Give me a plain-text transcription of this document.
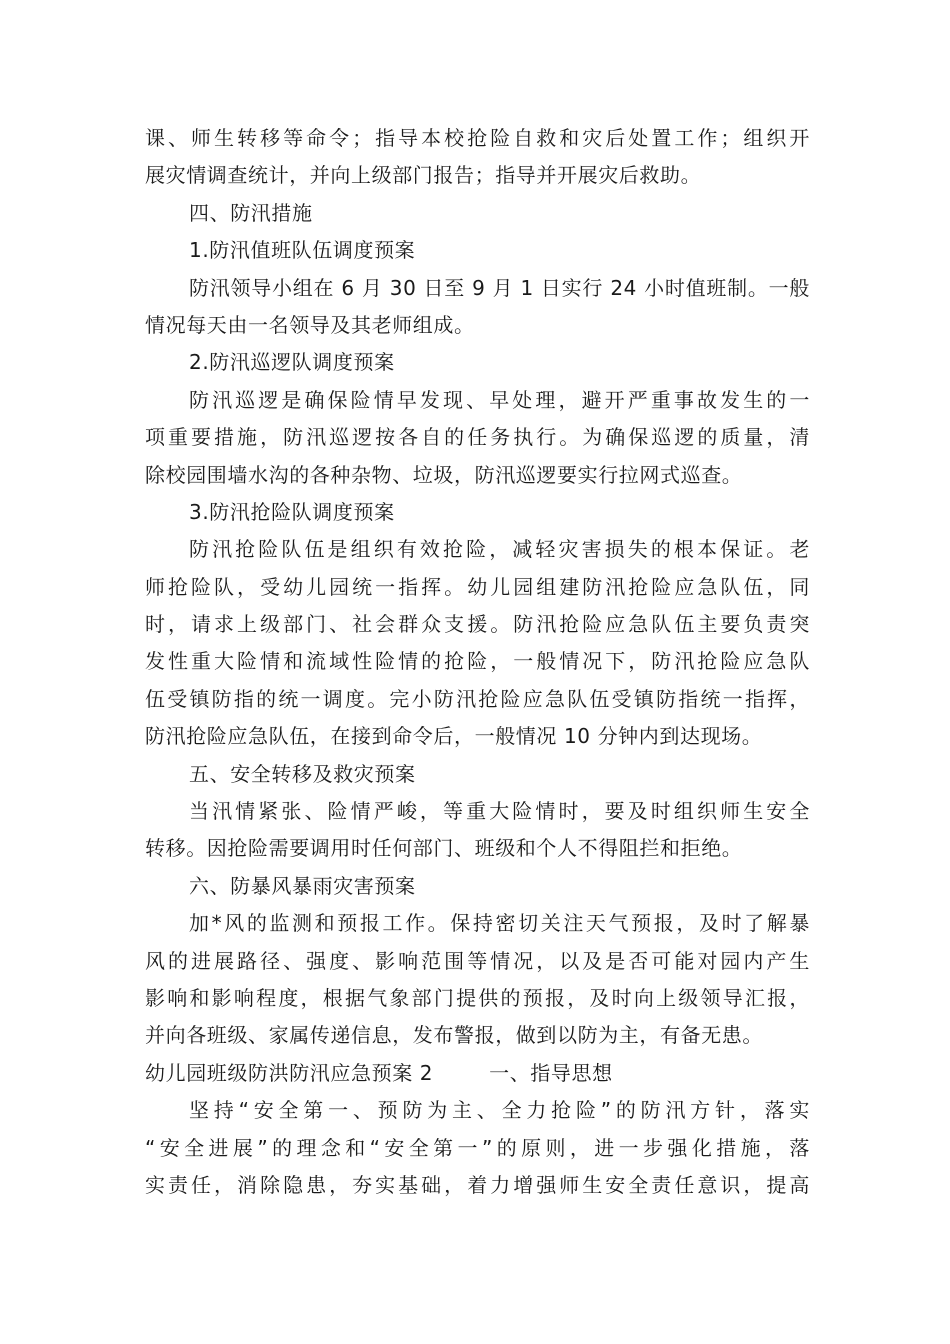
课、师生转移等命令；指导本校抢险自救和灾后处置工作；组织开
展灾情调查统计，并向上级部门报告；指导并开展灾后救助。
四、防汛措施
1.防汛值班队伍调度预案
防汛领导小组在 6 月 30 日至 9 月 1 日实行 24 小时值班制。一般
情况每天由一名领导及其老师组成。
2.防汛巡逻队调度预案
防汛巡逻是确保险情早发现、早处理，避开严重事故发生的一
项重要措施，防汛巡逻按各自的任务执行。为确保巡逻的质量，清
除校园围墙水沟的各种杂物、垃圾，防汛巡逻要实行拉网式巡查。
3.防汛抢险队调度预案
防汛抢险队伍是组织有效抢险，减轻灾害损失的根本保证。老
师抢险队，受幼儿园统一指挥。幼儿园组建防汛抢险应急队伍，同
时，请求上级部门、社会群众支援。防汛抢险应急队伍主要负责突
发性重大险情和流域性险情的抢险，一般情况下，防汛抢险应急队
伍受镇防指的统一调度。完小防汛抢险应急队伍受镇防指统一指挥，
防汛抢险应急队伍，在接到命令后，一般情况 10 分钟内到达现场。
五、安全转移及救灾预案
当汛情紧张、险情严峻，等重大险情时，要及时组织师生安全
转移。因抢险需要调用时任何部门、班级和个人不得阻拦和拒绝。
六、防暴风暴雨灾害预案
加*风的监测和预报工作。保持密切关注天气预报，及时了解暴
风的进展路径、强度、影响范围等情况，以及是否可能对园内产生
影响和影响程度，根据气象部门提供的预报，及时向上级领导汇报，
并向各班级、家属传递信息，发布警报，做到以防为主，有备无患。
幼儿园班级防洪防汛应急预案 2	一、指导思想
坚持“安全第一、预防为主、全力抢险”的防汛方针，落实
“安全进展”的理念和“安全第一”的原则，进一步强化措施，落
实责任，消除隐患，夯实基础，着力增强师生安全责任意识，提高
